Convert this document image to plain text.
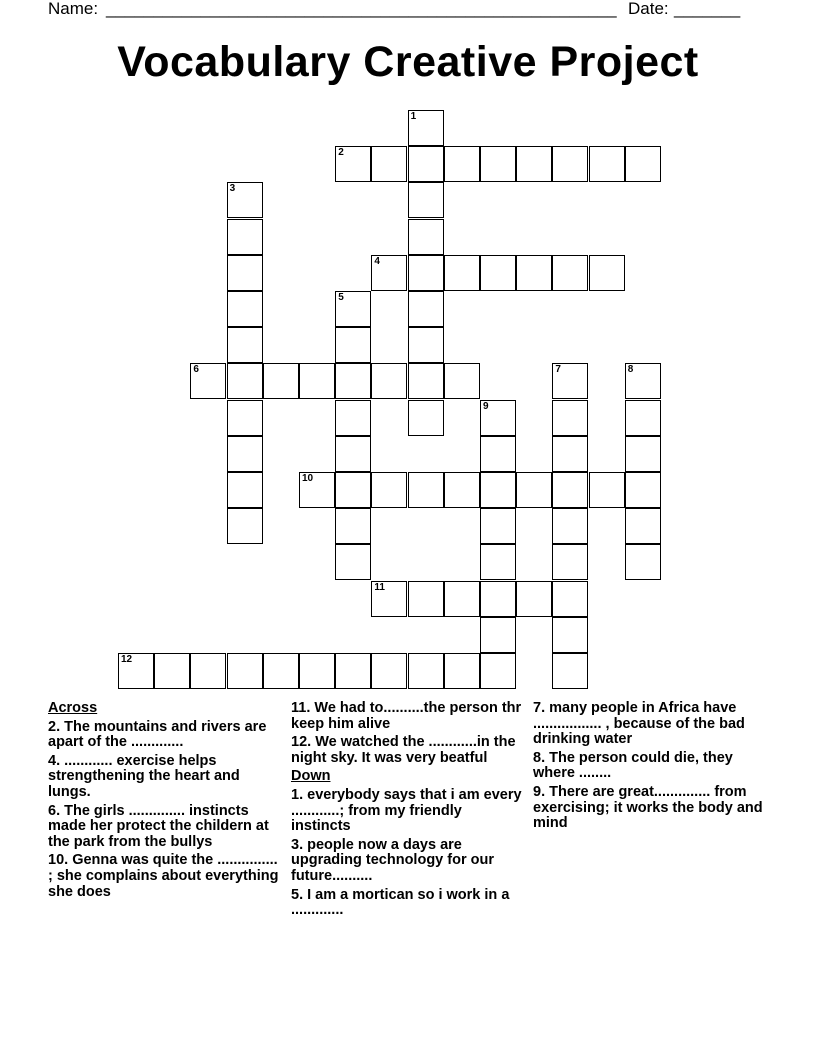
Name: ______________________________________________________ Date: _______
Vocabulary Creative Project
1
2
3
4
5
6	7	8
9
10
11
12
Across
2. The mountains and rivers are apart of the .............
4. ............ exercise helps strengthening the heart and lungs.
6. The girls .............. instincts made her protect the childern at the park from the bullys
10. Genna was quite the ............... ; she complains about everything she does
11. We had to..........the person thr keep him alive
12. We watched the ............in the night sky. It was very beatful
Down
1. everybody says that i am every ............; from my friendly instincts
3. people now a days are upgrading technology for our future..........
5. I am a mortican so i work in a .............
7. many people in Africa have ................. , because of the bad drinking water
8. The person could die, they where ........
9. There are great.............. from exercising; it works the body and mind
